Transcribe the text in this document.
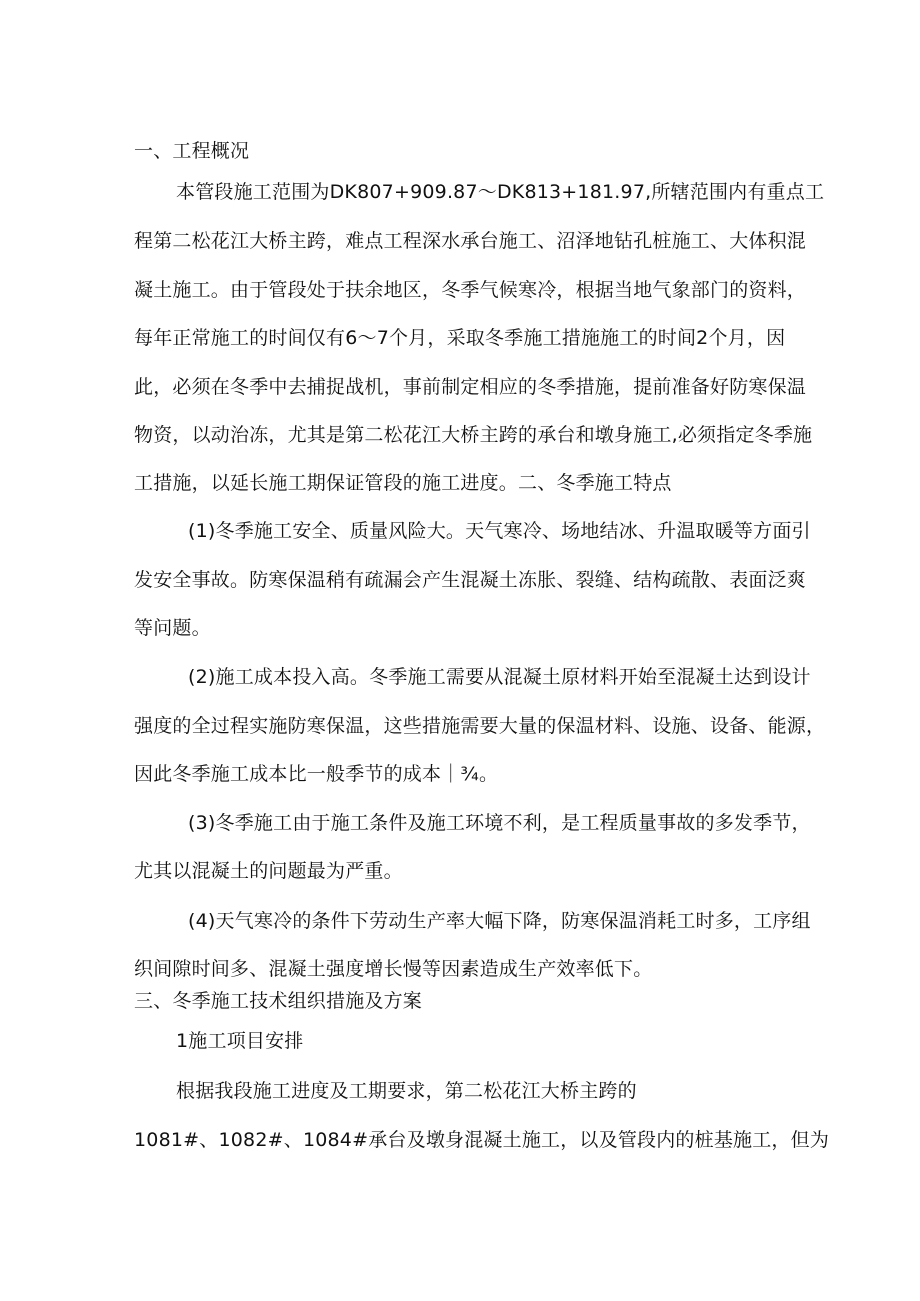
一、工程概况

本管段施工范围为DK807+909.87〜DK813+181.97,所辖范围内有重点工

程第二松花江大桥主跨，难点工程深水承台施工、沼泽地钻孔桩施工、大体积混

凝土施工。由于管段处于扶余地区，冬季气候寒冷，根据当地气象部门的资料，

每年正常施工的时间仅有6〜7个月，采取冬季施工措施施工的时间2个月，因

此，必须在冬季中去捕捉战机，事前制定相应的冬季措施，提前准备好防寒保温

物资，以动治冻，尤其是第二松花江大桥主跨的承台和墩身施工,必须指定冬季施

工措施，以延长施工期保证管段的施工进度。二、冬季施工特点

(1)冬季施工安全、质量风险大。天气寒冷、场地结冰、升温取暖等方面引

发安全事故。防寒保温稍有疏漏会产生混凝土冻胀、裂缝、结构疏散、表面泛爽

等问题。

(2)施工成本投入高。冬季施工需要从混凝土原材料开始至混凝土达到设计

强度的全过程实施防寒保温，这些措施需要大量的保温材料、设施、设备、能源，

因此冬季施工成本比一般季节的成本｜¾。

(3)冬季施工由于施工条件及施工环境不利，是工程质量事故的多发季节，

尤其以混凝土的问题最为严重。

(4)天气寒冷的条件下劳动生产率大幅下降，防寒保温消耗工时多，工序组

织间隙时间多、混凝土强度增长慢等因素造成生产效率低下。

三、冬季施工技术组织措施及方案

1施工项目安排

根据我段施工进度及工期要求，第二松花江大桥主跨的

1081#、1082#、1084#承台及墩身混凝土施工，以及管段内的桩基施工，但为
